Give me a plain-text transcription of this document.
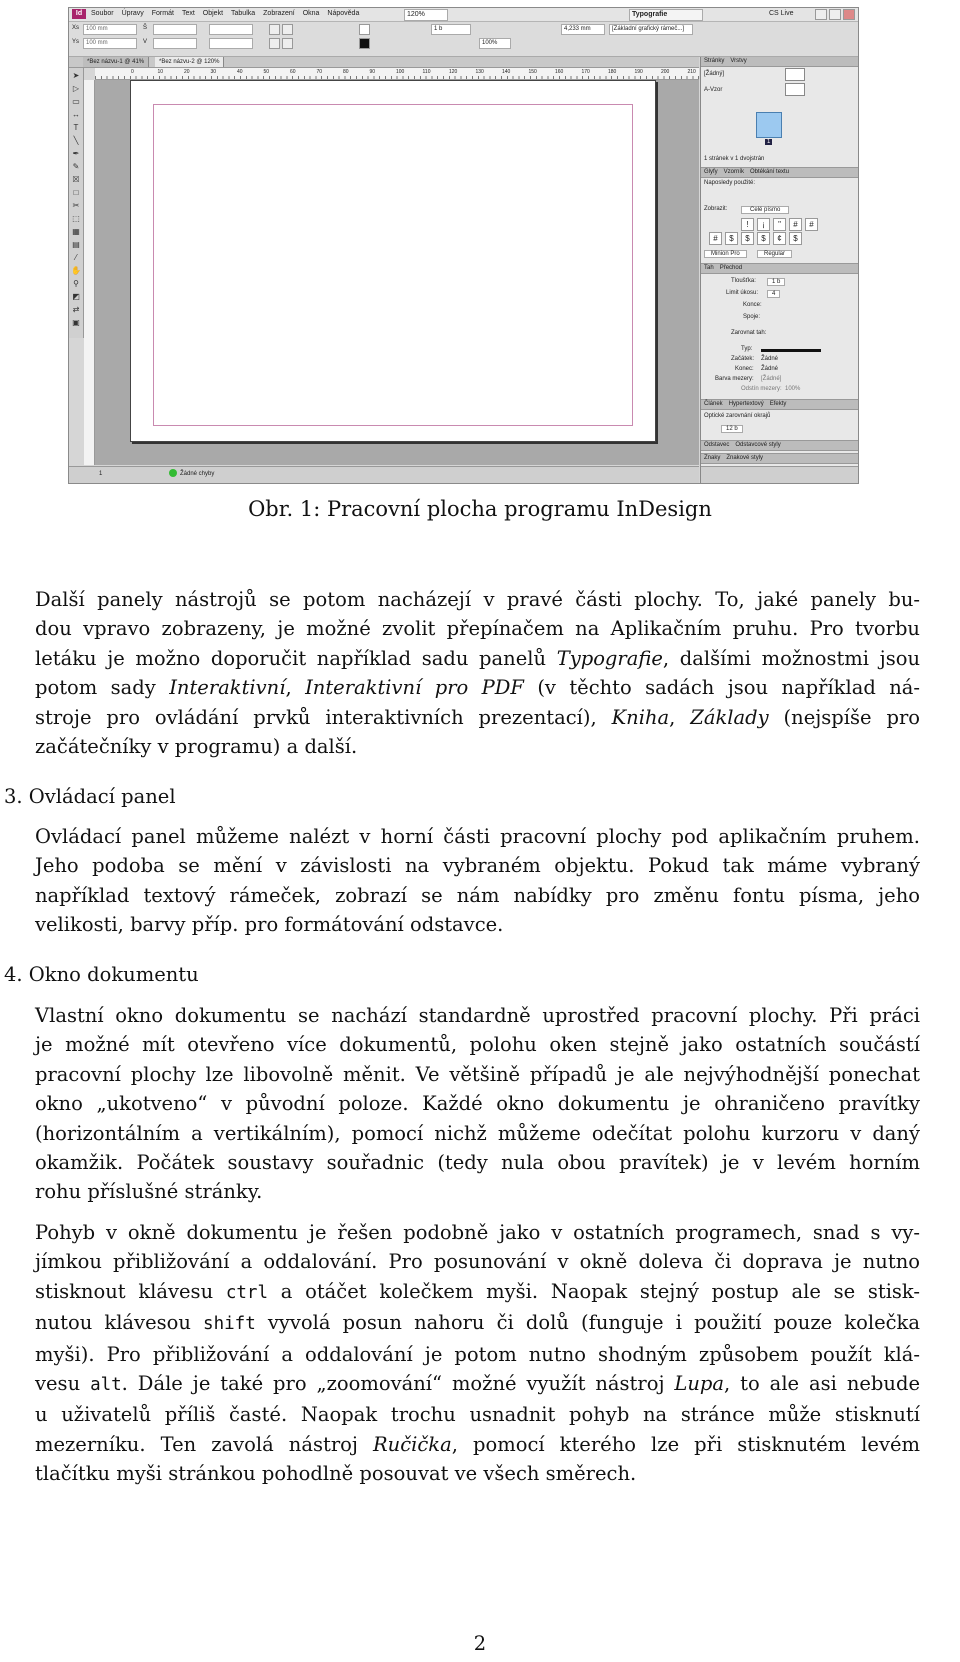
Id	Soubor Úpravy Formát Text Objekt Tabulka Zobrazení Okna Nápověda	120%	Typografie	CS Live
Xs	100 mm
Ys	100 mm
Š
V
1 b
100%
4,233 mm	[Základní grafický rámeč...]
*Bez názvu-1 @ 41%	*Bez názvu-2 @ 120%
➤
▷
▭
↔
T
╲
✒
✎
☒
□
✂
⬚
▦
▤
⁄
✋
⚲
◩
⇄
▣
0	10	20	30	40	50	60	70	80	90	100	110	120	130	140	150	160	170	180	190	200	210
1	Žádné chyby
Stránky Vrstvy
[Žádný]
A-Vzor
1
1 stránek v 1 dvojstrán
Glyfy Vzorník Obtékání textu
Naposledy použité:
Zobrazit:	Celé písmo
!	¡	"	#	#
#	$	$	$	¢	$
Minion Pro	Regular
Tah Přechod
Tloušťka:	1 b
Limit úkosu:	4
Konce:
Spoje:
Zarovnat tah:
Typ:
Začátek: Žádné
Konec: Žádné
Barva mezery: [Žádné]
Odstín mezery: 100%
Článek Hypertextový Efekty
Optické zarovnání okrajů
12 b
Odstavec Odstavcové styly
Znaky Znakové styly
Obr. 1: Pracovní plocha programu InDesign

Další panely nástrojů se potom nacházejí v pravé části plochy. To, jaké panely bu-
dou vpravo zobrazeny, je možné zvolit přepínačem na Aplikačním pruhu. Pro tvorbu
letáku je možno doporučit například sadu panelů Typografie, dalšími možnostmi jsou
potom sady Interaktivní, Interaktivní pro PDF (v těchto sadách jsou například ná-
stroje pro ovládání prvků interaktivních prezentací), Kniha, Základy (nejspíše pro
začátečníky v programu) a další.

3. Ovládací panel

Ovládací panel můžeme nalézt v horní části pracovní plochy pod aplikačním pruhem.
Jeho podoba se mění v závislosti na vybraném objektu. Pokud tak máme vybraný
například textový rámeček, zobrazí se nám nabídky pro změnu fontu písma, jeho
velikosti, barvy příp. pro formátování odstavce.

4. Okno dokumentu

Vlastní okno dokumentu se nachází standardně uprostřed pracovní plochy. Při práci
je možné mít otevřeno více dokumentů, polohu oken stejně jako ostatních součástí
pracovní plochy lze libovolně měnit. Ve většině případů je ale nejvýhodnější ponechat
okno „ukotveno“ v původní poloze. Každé okno dokumentu je ohraničeno pravítky
(horizontálním a vertikálním), pomocí nichž můžeme odečítat polohu kurzoru v daný
okamžik. Počátek soustavy souřadnic (tedy nula obou pravítek) je v levém horním
rohu příslušné stránky.

Pohyb v okně dokumentu je řešen podobně jako v ostatních programech, snad s vy-
jímkou přibližování a oddalování. Pro posunování v okně doleva či doprava je nutno
stisknout klávesu ctrl a otáčet kolečkem myši. Naopak stejný postup ale se stisk-
nutou klávesou shift vyvolá posun nahoru či dolů (funguje i použití pouze kolečka
myši). Pro přibližování a oddalování je potom nutno shodným způsobem použít klá-
vesu alt. Dále je také pro „zoomování“ možné využít nástroj Lupa, to ale asi nebude
u uživatelů příliš časté. Naopak trochu usnadnit pohyb na stránce může stisknutí
mezerníku. Ten zavolá nástroj Ručička, pomocí kterého lze při stisknutém levém
tlačítku myši stránkou pohodlně posouvat ve všech směrech.

2
